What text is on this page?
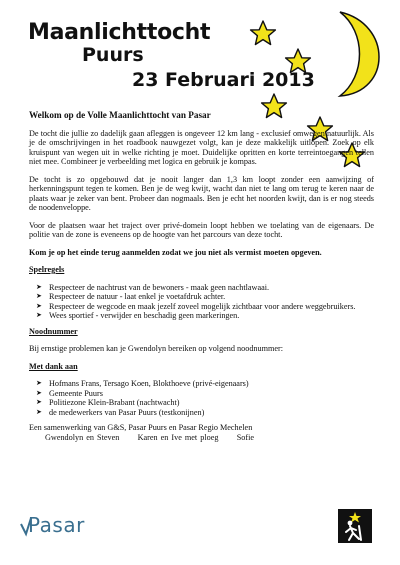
Maanlichttocht
Puurs
23 Februari 2013

Welkom op de Volle Maanlichttocht van Pasar

De tocht die jullie zo dadelijk gaan afleggen is ongeveer 12 km lang - exclusief omwegen natuurlijk. Als je de omschrijvingen in het roadbook nauwgezet volgt, kan je deze makkelijk uitlopen. Zoek op elk kruispunt van wegen uit in welke richting je moet. Duidelijke opritten en korte terreintoegangen tellen niet mee. Combineer je verbeelding met logica en gebruik je kompas.

De tocht is zo opgebouwd dat je nooit langer dan 1,3 km loopt zonder een aanwijzing of herkenningspunt tegen te komen. Ben je de weg kwijt, wacht dan niet te lang om terug te keren naar de plaats waar je zeker van bent. Probeer dan nogmaals. Ben je echt het noorden kwijt, dan is er nog steeds de noodenveloppe.

Voor de plaatsen waar het traject over privé-domein loopt hebben we toelating van de eigenaars. De politie van de zone is eveneens op de hoogte van het parcours van deze tocht.

Kom je op het einde terug aanmelden zodat we jou niet als vermist moeten opgeven.

Spelregels

➤ Respecteer de nachtrust van de bewoners - maak geen nachtlawaai.
➤ Respecteer de natuur - laat enkel je voetafdruk achter.
➤ Respecteer de wegcode en maak jezelf zoveel mogelijk zichtbaar voor andere weggebruikers.
➤ Wees sportief - verwijder en beschadig geen markeringen.

Noodnummer

Bij ernstige problemen kan je Gwendolyn bereiken op volgend noodnummer:

Met dank aan

➤ Hofmans Frans, Tersago Koen, Blokthoeve (privé-eigenaars)
➤ Gemeente Puurs
➤ Politiezone Klein-Brabant (nachtwacht)
➤ de medewerkers van Pasar Puurs (testkonijnen)

Een samenwerking van G&S, Pasar Puurs en Pasar Regio Mechelen

Gwendolyn en Steven      Karen en Ive met ploeg      Sofie

Pasar
